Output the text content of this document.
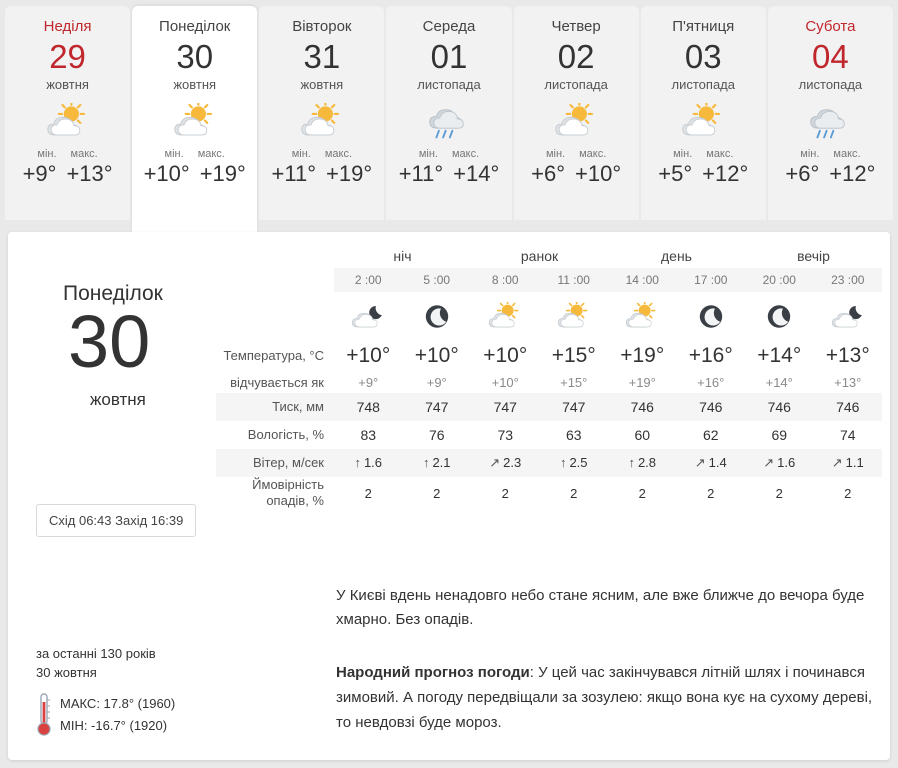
Неділя
29
жовтня
мін. макс.
+9° +13°
Понеділок
30
жовтня
мін. макс.
+10° +19°
Вівторок
31
жовтня
мін. макс.
+11° +19°
Середа
01
листопада
мін. макс.
+11° +14°
Четвер
02
листопада
мін. макс.
+6° +10°
П'ятниця
03
листопада
мін. макс.
+5° +12°
Субота
04
листопада
мін. макс.
+6° +12°
Понеділок
30
жовтня
Схід 06:43 Захід 16:39
за останні 130 років
30 жовтня
МАКС: 17.8° (1960)
МІН: -16.7° (1920)
ніч	ранок	день	вечір
2 :00	5 :00	8 :00	11 :00	14 :00	17 :00	20 :00	23 :00
Температура, °C	+10°	+10°	+10°	+15°	+19°	+16°	+14°	+13°
відчувається як	+9°	+9°	+10°	+15°	+19°	+16°	+14°	+13°
Тиск, мм	748	747	747	747	746	746	746	746
Вологість, %	83	76	73	63	60	62	69	74
Вітер, м/сек	↑ 1.6	↑ 2.1	↗ 2.3	↑ 2.5	↑ 2.8	↗ 1.4	↗ 1.6	↗ 1.1
Ймовірність опадів, %	2	2	2	2	2	2	2	2
У Києві вдень ненадовго небо стане ясним, але вже ближче до вечора буде хмарно. Без опадів.
Народний прогноз погоди: У цей час закінчувався літній шлях і починався зимовий. А погоду передвіщали за зозулею: якщо вона кує на сухому дереві, то невдовзі буде мороз.
